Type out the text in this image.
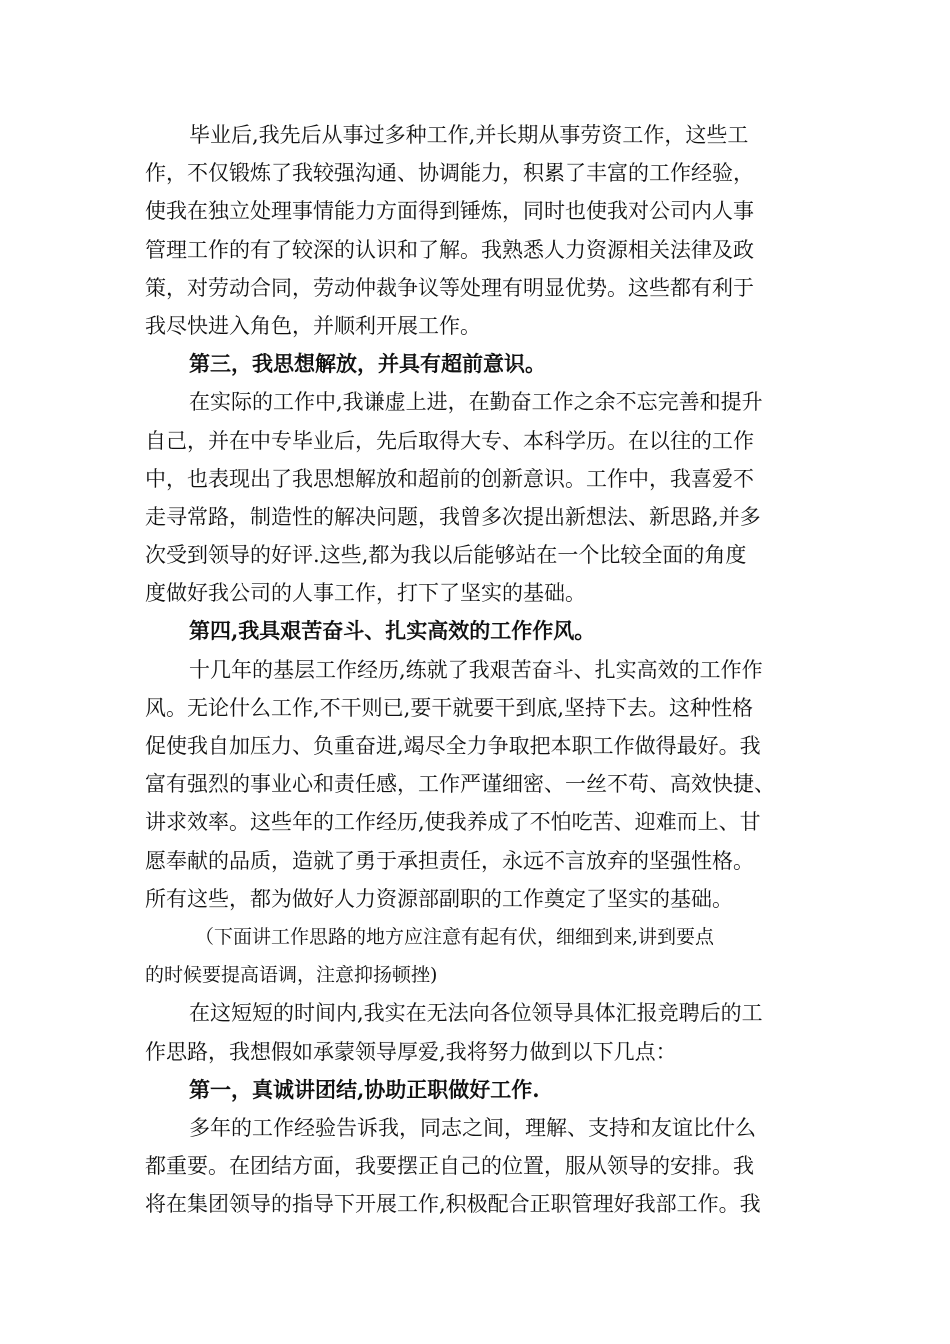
毕业后,我先后从事过多种工作,并长期从事劳资工作，这些工
作，不仅锻炼了我较强沟通、协调能力，积累了丰富的工作经验，
使我在独立处理事情能力方面得到锤炼，同时也使我对公司内人事
管理工作的有了较深的认识和了解。我熟悉人力资源相关法律及政
策，对劳动合同，劳动仲裁争议等处理有明显优势。这些都有利于
我尽快进入角色，并顺利开展工作。
第三，我思想解放，并具有超前意识。
在实际的工作中,我谦虚上进，在勤奋工作之余不忘完善和提升
自己，并在中专毕业后，先后取得大专、本科学历。在以往的工作
中，也表现出了我思想解放和超前的创新意识。工作中，我喜爱不
走寻常路，制造性的解决问题，我曾多次提出新想法、新思路,并多
次受到领导的好评.这些,都为我以后能够站在一个比较全面的角度
度做好我公司的人事工作，打下了坚实的基础。
第四,我具艰苦奋斗、扎实高效的工作作风。
十几年的基层工作经历,练就了我艰苦奋斗、扎实高效的工作作
风。无论什么工作,不干则已,要干就要干到底,坚持下去。这种性格
促使我自加压力、负重奋进,竭尽全力争取把本职工作做得最好。我
富有强烈的事业心和责任感，工作严谨细密、一丝不苟、高效快捷、
讲求效率。这些年的工作经历,使我养成了不怕吃苦、迎难而上、甘
愿奉献的品质，造就了勇于承担责任，永远不言放弃的坚强性格。
所有这些，都为做好人力资源部副职的工作奠定了坚实的基础。
（下面讲工作思路的地方应注意有起有伏，细细到来,讲到要点
的时候要提高语调，注意抑扬顿挫)
在这短短的时间内,我实在无法向各位领导具体汇报竞聘后的工
作思路，我想假如承蒙领导厚爱,我将努力做到以下几点：
第一，真诚讲团结,协助正职做好工作.
多年的工作经验告诉我，同志之间，理解、支持和友谊比什么
都重要。在团结方面，我要摆正自己的位置，服从领导的安排。我
将在集团领导的指导下开展工作,积极配合正职管理好我部工作。我
